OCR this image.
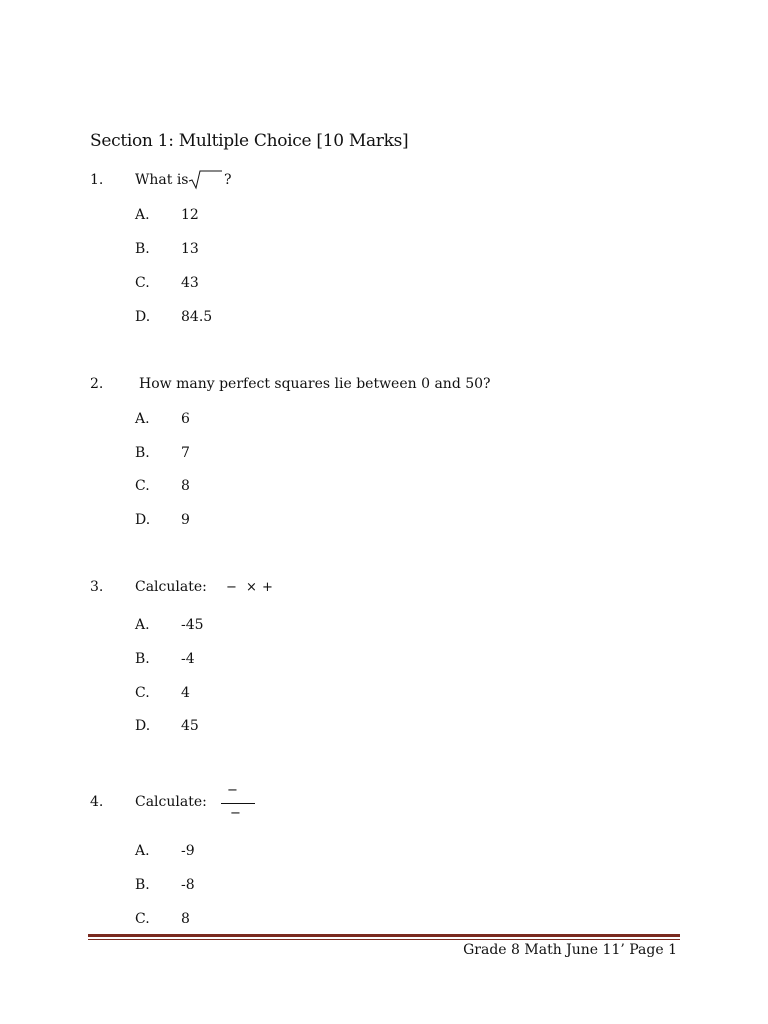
Section 1: Multiple Choice [10 Marks]
1. What is	?
A. 12
B. 13
C. 43
D. 84.5
2.	How many perfect squares lie between 0 and 50?
A. 6
B. 7
C. 8
D. 9
3. Calculate: − × +
A. -45
B. -4
C. 4
D. 45
4. Calculate:
−
−
A. -9
B. -8
C. 8
Grade 8 Math June 11’ Page 1
